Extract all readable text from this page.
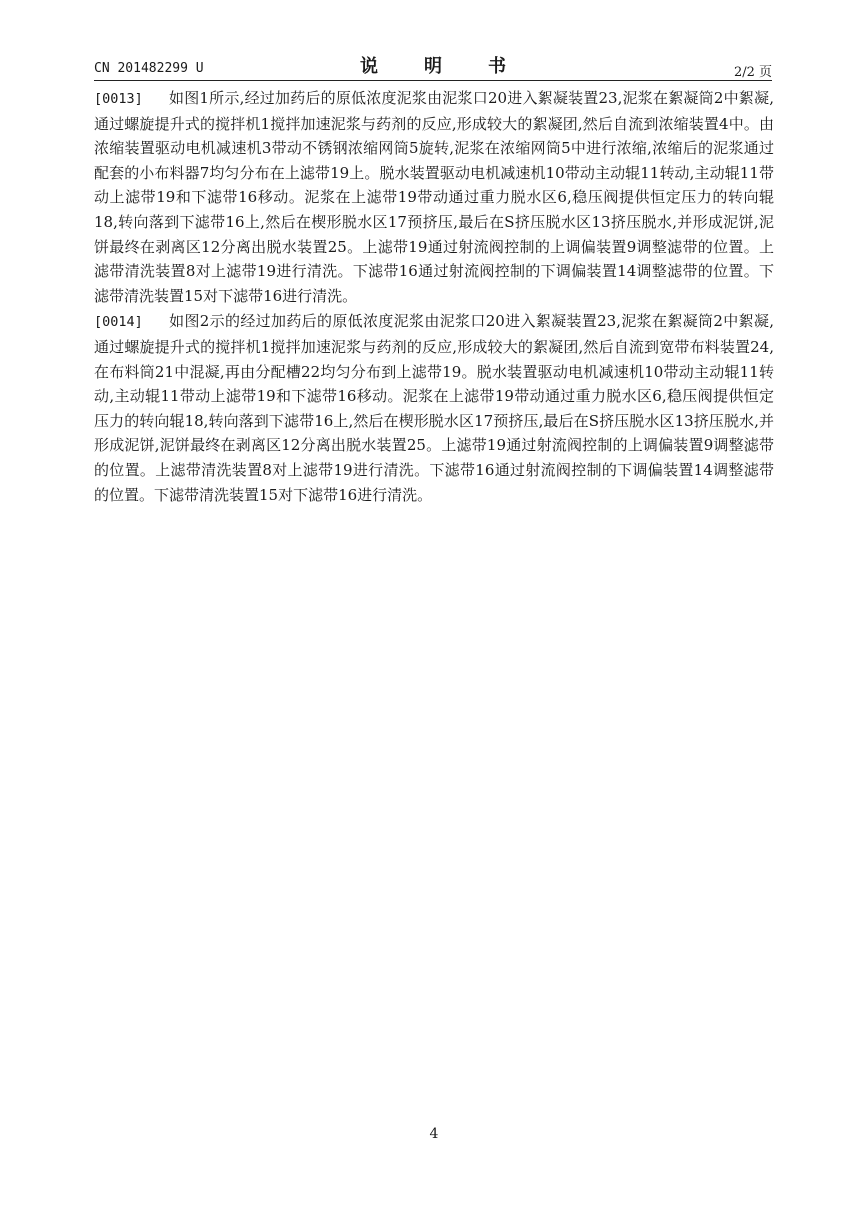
CN 201482299 U	说　明　书	2/2 页

[0013] 如图1所示,经过加药后的原低浓度泥浆由泥浆口20进入絮凝装置23,泥浆在絮凝筒2中絮凝,通过螺旋提升式的搅拌机1搅拌加速泥浆与药剂的反应,形成较大的絮凝团,然后自流到浓缩装置4中。由浓缩装置驱动电机减速机3带动不锈钢浓缩网筒5旋转,泥浆在浓缩网筒5中进行浓缩,浓缩后的泥浆通过配套的小布料器7均匀分布在上滤带19上。脱水装置驱动电机减速机10带动主动辊11转动,主动辊11带动上滤带19和下滤带16移动。泥浆在上滤带19带动通过重力脱水区6,稳压阀提供恒定压力的转向辊18,转向落到下滤带16上,然后在楔形脱水区17预挤压,最后在S挤压脱水区13挤压脱水,并形成泥饼,泥饼最终在剥离区12分离出脱水装置25。上滤带19通过射流阀控制的上调偏装置9调整滤带的位置。上滤带清洗装置8对上滤带19进行清洗。下滤带16通过射流阀控制的下调偏装置14调整滤带的位置。下滤带清洗装置15对下滤带16进行清洗。

[0014] 如图2示的经过加药后的原低浓度泥浆由泥浆口20进入絮凝装置23,泥浆在絮凝筒2中絮凝,通过螺旋提升式的搅拌机1搅拌加速泥浆与药剂的反应,形成较大的絮凝团,然后自流到宽带布料装置24,在布料筒21中混凝,再由分配槽22均匀分布到上滤带19。脱水装置驱动电机减速机10带动主动辊11转动,主动辊11带动上滤带19和下滤带16移动。泥浆在上滤带19带动通过重力脱水区6,稳压阀提供恒定压力的转向辊18,转向落到下滤带16上,然后在楔形脱水区17预挤压,最后在S挤压脱水区13挤压脱水,并形成泥饼,泥饼最终在剥离区12分离出脱水装置25。上滤带19通过射流阀控制的上调偏装置9调整滤带的位置。上滤带清洗装置8对上滤带19进行清洗。下滤带16通过射流阀控制的下调偏装置14调整滤带的位置。下滤带清洗装置15对下滤带16进行清洗。

4
